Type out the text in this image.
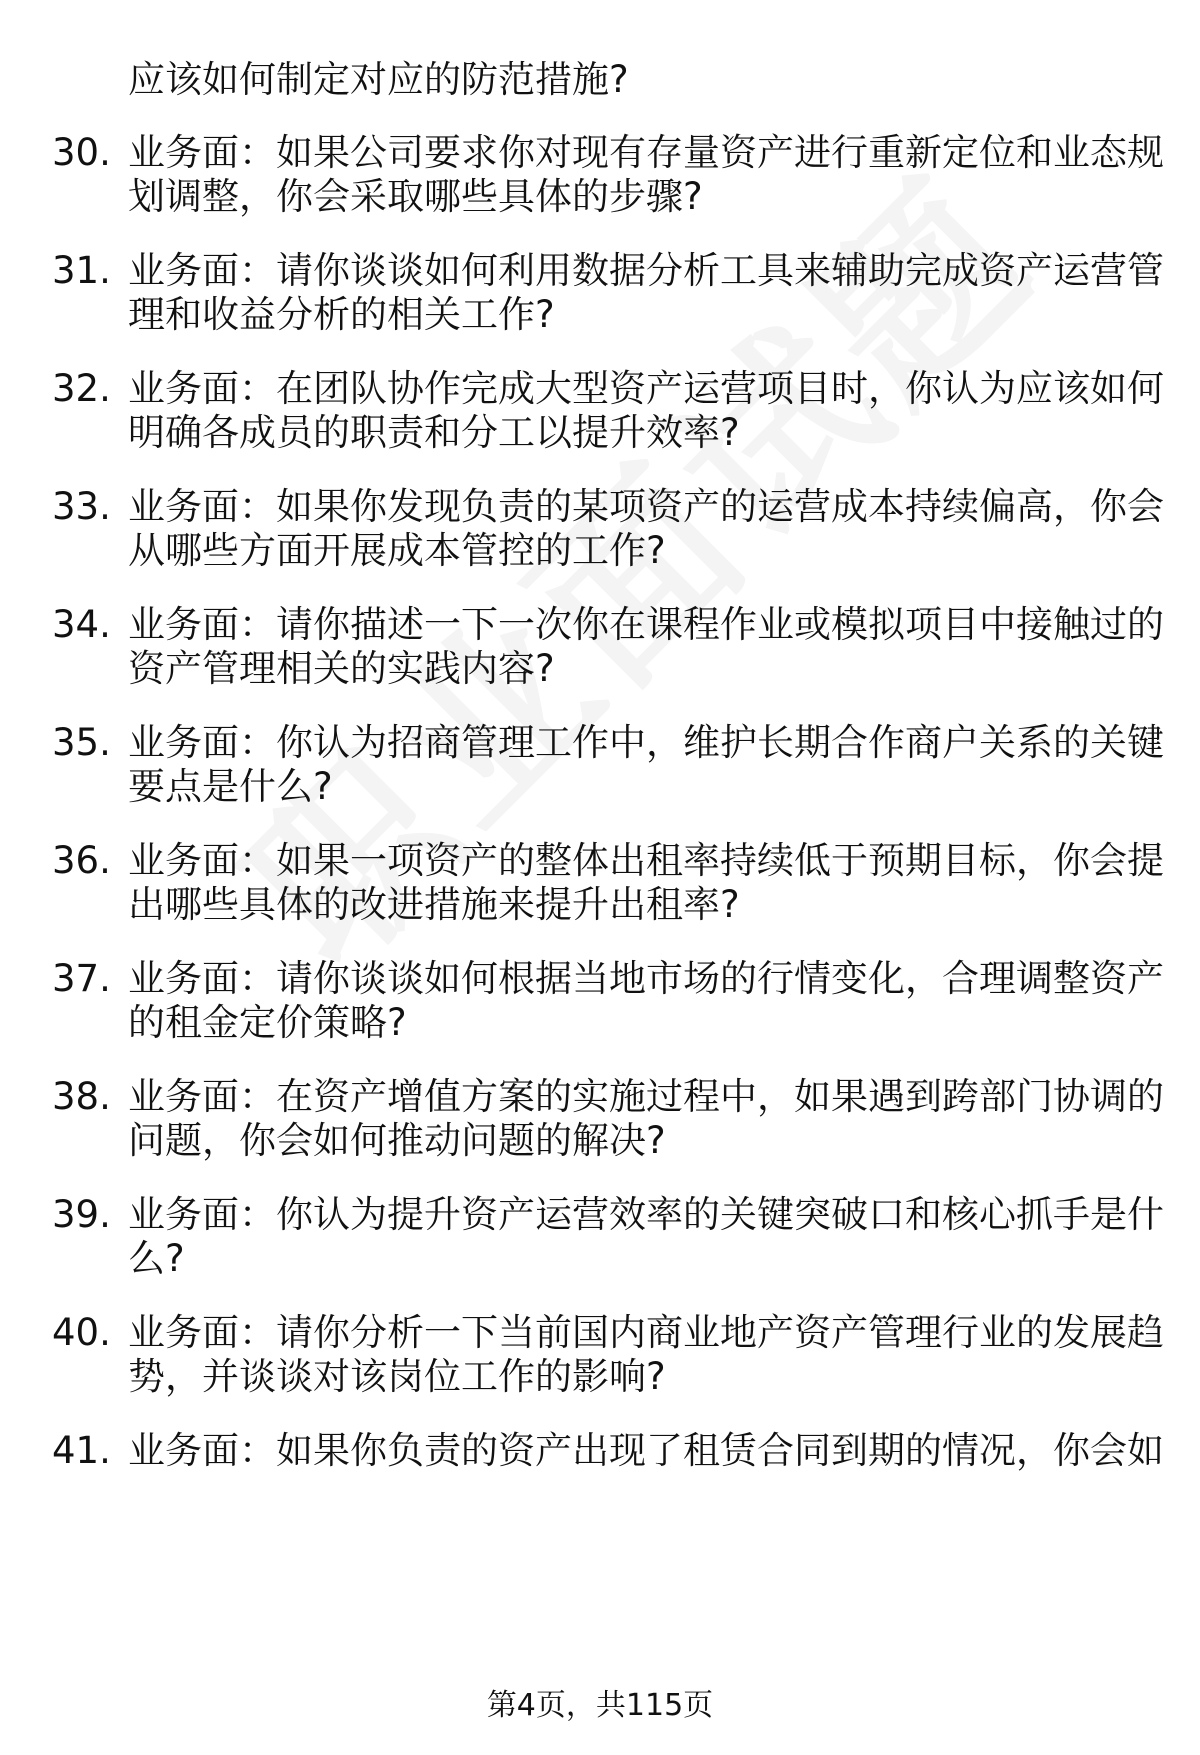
应该如何制定对应的防范措施?
30. 业务面：如果公司要求你对现有存量资产进行重新定位和业态规
划调整，你会采取哪些具体的步骤?
31. 业务面：请你谈谈如何利用数据分析工具来辅助完成资产运营管
理和收益分析的相关工作?
32. 业务面：在团队协作完成大型资产运营项目时，你认为应该如何
明确各成员的职责和分工以提升效率?
33. 业务面：如果你发现负责的某项资产的运营成本持续偏高，你会
从哪些方面开展成本管控的工作?
34. 业务面：请你描述一下一次你在课程作业或模拟项目中接触过的
资产管理相关的实践内容?
35. 业务面：你认为招商管理工作中，维护长期合作商户关系的关键
要点是什么?
36. 业务面：如果一项资产的整体出租率持续低于预期目标，你会提
出哪些具体的改进措施来提升出租率?
37. 业务面：请你谈谈如何根据当地市场的行情变化，合理调整资产
的租金定价策略?
38. 业务面：在资产增值方案的实施过程中，如果遇到跨部门协调的
问题，你会如何推动问题的解决?
39. 业务面：你认为提升资产运营效率的关键突破口和核心抓手是什
么?
40. 业务面：请你分析一下当前国内商业地产资产管理行业的发展趋
势，并谈谈对该岗位工作的影响?
41. 业务面：如果你负责的资产出现了租赁合同到期的情况，你会如
第4页，共115页
